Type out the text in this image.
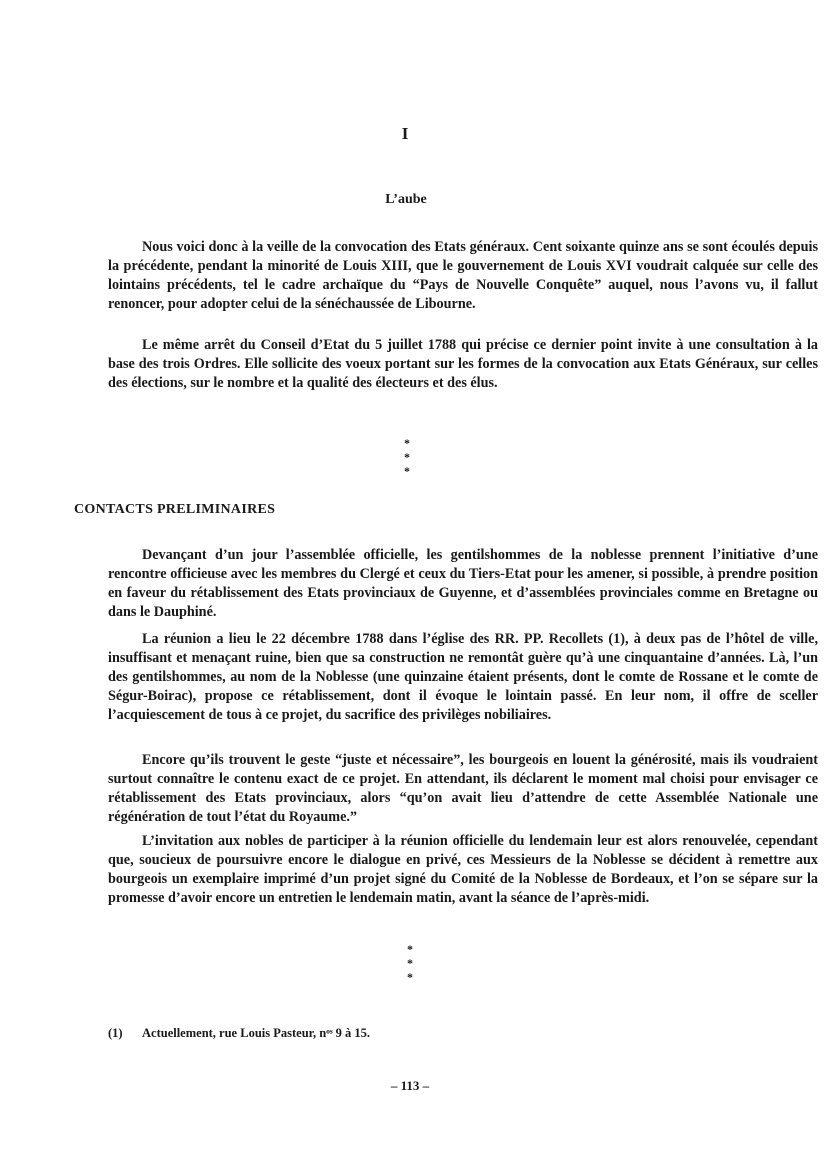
I
L’aube

Nous voici donc à la veille de la convocation des Etats généraux. Cent soixante quinze ans se sont écoulés depuis la précédente, pendant la minorité de Louis XIII, que le gouvernement de Louis XVI voudrait calquée sur celle des lointains précédents, tel le cadre archaïque du “Pays de Nouvelle Conquête” auquel, nous l’avons vu, il fallut renoncer, pour adopter celui de la sénéchaussée de Libourne.

Le même arrêt du Conseil d’Etat du 5 juillet 1788 qui précise ce dernier point invite à une consultation à la base des trois Ordres. Elle sollicite des voeux portant sur les formes de la convocation aux Etats Généraux, sur celles des élections, sur le nombre et la qualité des électeurs et des élus.

*
* *
CONTACTS PRELIMINAIRES

Devançant d’un jour l’assemblée officielle, les gentilshommes de la noblesse prennent l’initiative d’une rencontre officieuse avec les membres du Clergé et ceux du Tiers-Etat pour les amener, si possible, à prendre position en faveur du rétablissement des Etats provinciaux de Guyenne, et d’assemblées provinciales comme en Bretagne ou dans le Dauphiné.

La réunion a lieu le 22 décembre 1788 dans l’église des RR. PP. Recollets (1), à deux pas de l’hôtel de ville, insuffisant et menaçant ruine, bien que sa construction ne remontât guère qu’à une cinquantaine d’années. Là, l’un des gentilshommes, au nom de la Noblesse (une quinzaine étaient présents, dont le comte de Rossane et le comte de Ségur-Boirac), propose ce rétablissement, dont il évoque le lointain passé. En leur nom, il offre de sceller l’acquiescement de tous à ce projet, du sacrifice des privilèges nobiliaires.

Encore qu’ils trouvent le geste “juste et nécessaire”, les bourgeois en louent la générosité, mais ils voudraient surtout connaître le contenu exact de ce projet. En attendant, ils déclarent le moment mal choisi pour envisager ce rétablissement des Etats provinciaux, alors “qu’on avait lieu d’attendre de cette Assemblée Nationale une régénération de tout l’état du Royaume.”

L’invitation aux nobles de participer à la réunion officielle du lendemain leur est alors renouvelée, cependant que, soucieux de poursuivre encore le dialogue en privé, ces Messieurs de la Noblesse se décident à remettre aux bourgeois un exemplaire imprimé d’un projet signé du Comité de la Noblesse de Bordeaux, et l’on se sépare sur la promesse d’avoir encore un entretien le lendemain matin, avant la séance de l’après-midi.

*
* *
(1) Actuellement, rue Louis Pasteur, nᵒˢ 9 à 15.
– 113 –
